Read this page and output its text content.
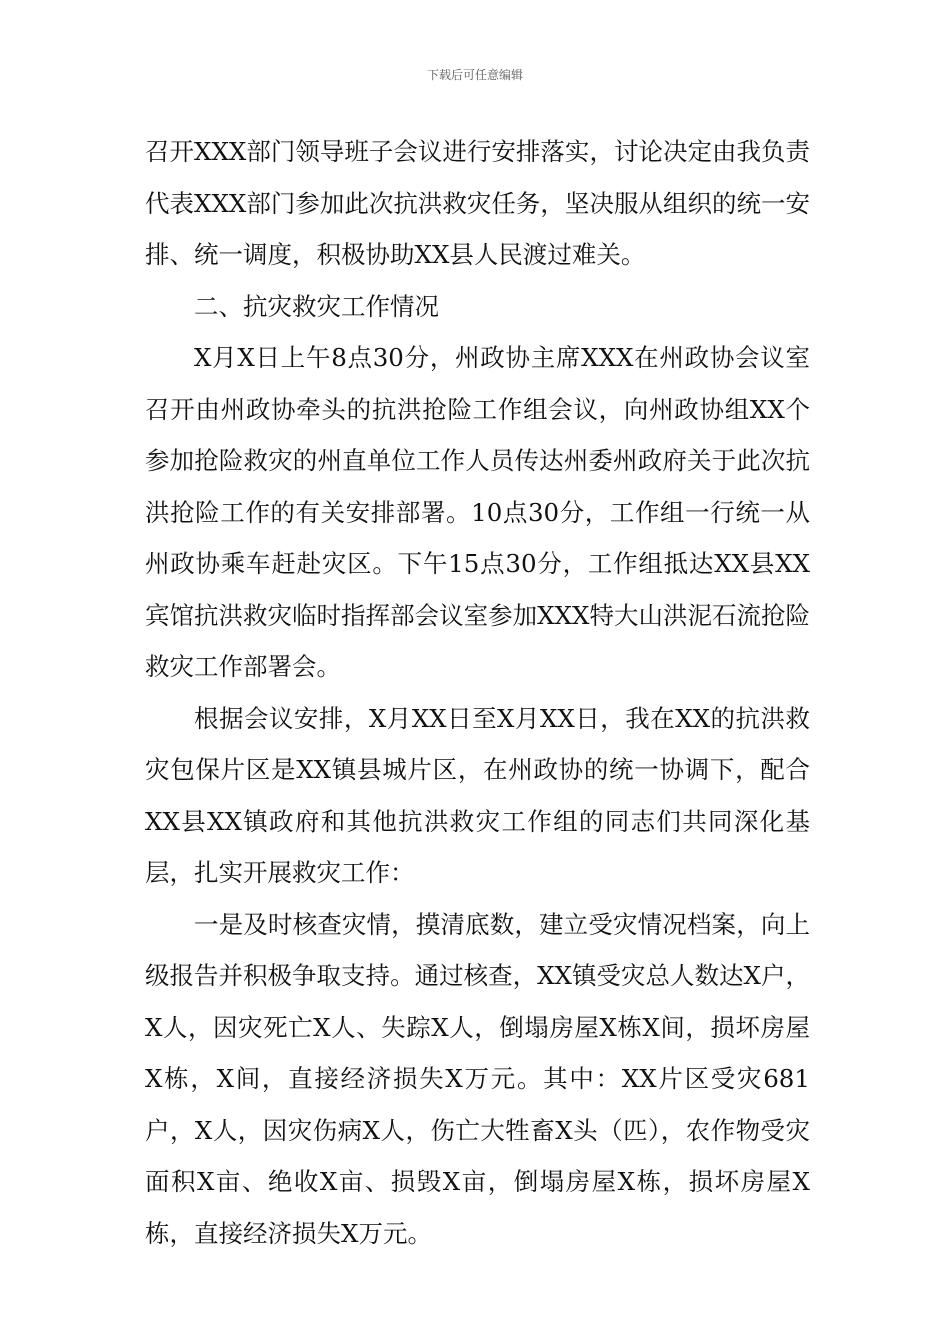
下载后可任意编辑

召开XXX部门领导班子会议进行安排落实，讨论决定由我负责代表XXX部门参加此次抗洪救灾任务，坚决服从组织的统一安排、统一调度，积极协助XX县人民渡过难关。

二、抗灾救灾工作情况

X月X日上午8点30分，州政协主席XXX在州政协会议室召开由州政协牵头的抗洪抢险工作组会议，向州政协组XX个参加抢险救灾的州直单位工作人员传达州委州政府关于此次抗洪抢险工作的有关安排部署。10点30分，工作组一行统一从州政协乘车赶赴灾区。下午15点30分，工作组抵达XX县XX宾馆抗洪救灾临时指挥部会议室参加XXX特大山洪泥石流抢险救灾工作部署会。

根据会议安排，X月XX日至X月XX日，我在XX的抗洪救灾包保片区是XX镇县城片区，在州政协的统一协调下，配合XX县XX镇政府和其他抗洪救灾工作组的同志们共同深化基层，扎实开展救灾工作：

一是及时核查灾情，摸清底数，建立受灾情况档案，向上级报告并积极争取支持。通过核查，XX镇受灾总人数达X户，X人，因灾死亡X人、失踪X人，倒塌房屋X栋X间，损坏房屋X栋，X间，直接经济损失X万元。其中：XX片区受灾681户，X人，因灾伤病X人，伤亡大牲畜X头（匹），农作物受灾面积X亩、绝收X亩、损毁X亩，倒塌房屋X栋，损坏房屋X栋，直接经济损失X万元。
